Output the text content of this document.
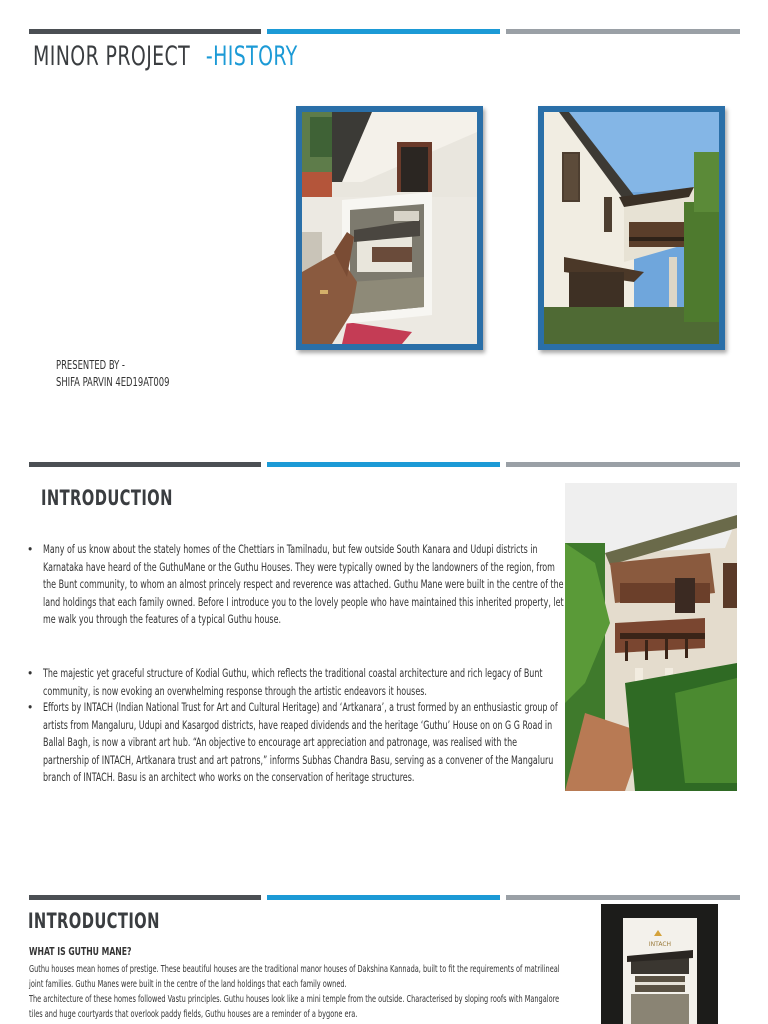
MINOR PROJECT -HISTORY
PRESENTED BY -
SHIFA PARVIN 4ED19AT009
INTRODUCTION
• Many of us know about the stately homes of the Chettiars in Tamilnadu, but few outside South Kanara and Udupi districts in Karnataka have heard of the GuthuMane or the Guthu Houses. They were typically owned by the landowners of the region, from the Bunt community, to whom an almost princely respect and reverence was attached. Guthu Mane were built in the centre of the land holdings that each family owned. Before I introduce you to the lovely people who have maintained this inherited property, let me walk you through the features of a typical Guthu house.
• The majestic yet graceful structure of Kodial Guthu, which reflects the traditional coastal architecture and rich legacy of Bunt community, is now evoking an overwhelming response through the artistic endeavors it houses.
• Efforts by INTACH (Indian National Trust for Art and Cultural Heritage) and ‘Artkanara’, a trust formed by an enthusiastic group of artists from Mangaluru, Udupi and Kasargod districts, have reaped dividends and the heritage ‘Guthu’ House on on G G Road in Ballal Bagh, is now a vibrant art hub. “An objective to encourage art appreciation and patronage, was realised with the partnership of INTACH, Artkanara trust and art patrons,” informs Subhas Chandra Basu, serving as a convener of the Mangaluru branch of INTACH. Basu is an architect who works on the conservation of heritage structures.
INTRODUCTION
WHAT IS GUTHU MANE?
Guthu houses mean homes of prestige. These beautiful houses are the traditional manor houses of Dakshina Kannada, built to fit the requirements of matrilineal joint families. Guthu Manes were built in the centre of the land holdings that each family owned.
The architecture of these homes followed Vastu principles. Guthu houses look like a mini temple from the outside. Characterised by sloping roofs with Mangalore tiles and huge courtyards that overlook paddy fields, Guthu houses are a reminder of a bygone era.
INTACH
